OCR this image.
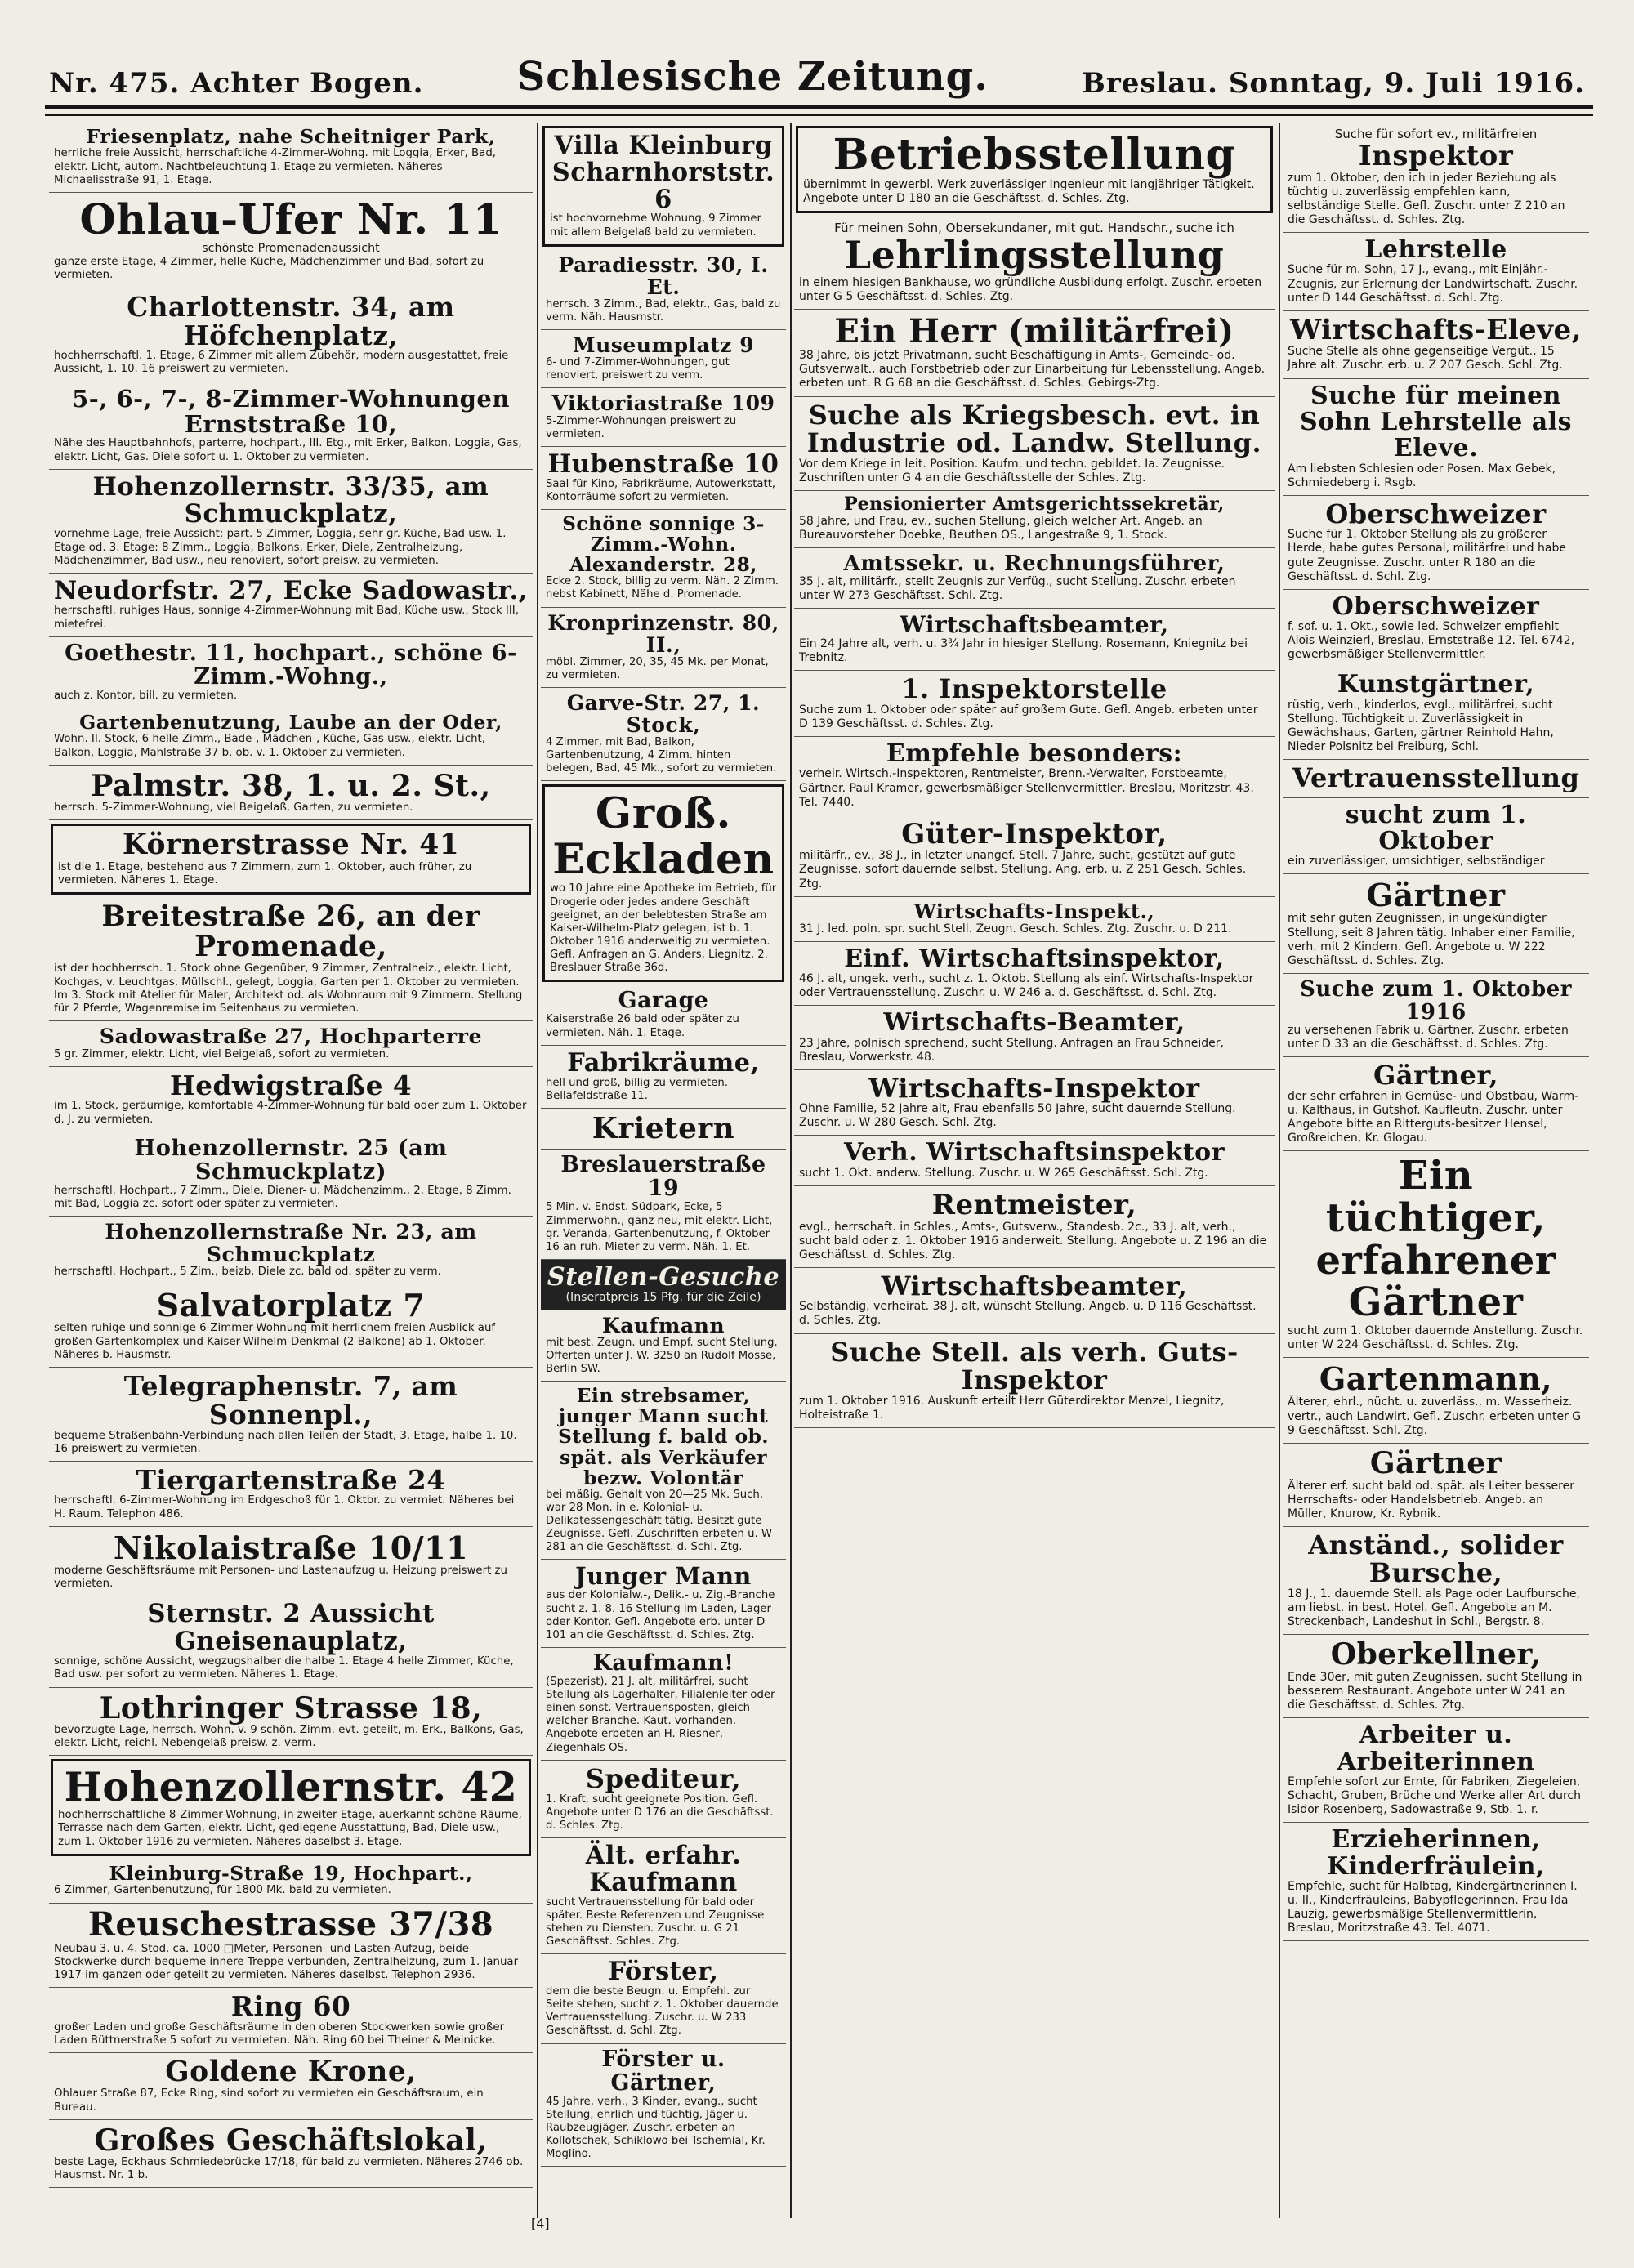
Nr. 475. Achter Bogen. Schlesische Zeitung.	Breslau. Sonntag, 9. Juli 1916.
Friesenplatz, nahe Scheitniger Park,
herrliche freie Aussicht, herrschaftliche 4-Zimmer-Wohng. mit Loggia, Erker, Bad, elektr. Licht, autom. Nachtbeleuchtung 1. Etage zu vermieten. Näheres Michaelisstraße 91, 1. Etage.
Ohlau-Ufer Nr. 11
schönste Promenadenaussicht
ganze erste Etage, 4 Zimmer, helle Küche, Mädchenzimmer und Bad, sofort zu vermieten.
Charlottenstr. 34, am Höfchenplatz,
hochherrschaftl. 1. Etage, 6 Zimmer mit allem Zubehör, modern ausgestattet, freie Aussicht, 1. 10. 16 preiswert zu vermieten.
5-, 6-, 7-, 8-Zimmer-Wohnungen Ernststraße 10,
Nähe des Hauptbahnhofs, parterre, hochpart., III. Etg., mit Erker, Balkon, Loggia, Gas, elektr. Licht, Gas. Diele sofort u. 1. Oktober zu vermieten.
Hohenzollernstr. 33/35, am Schmuckplatz,
vornehme Lage, freie Aussicht: part. 5 Zimmer, Loggia, sehr gr. Küche, Bad usw. 1. Etage od. 3. Etage: 8 Zimm., Loggia, Balkons, Erker, Diele, Zentralheizung, Mädchenzimmer, Bad usw., neu renoviert, sofort preisw. zu vermieten.
Neudorfstr. 27, Ecke Sadowastr.,
herrschaftl. ruhiges Haus, sonnige 4-Zimmer-Wohnung mit Bad, Küche usw., Stock III, mietefrei.
Goethestr. 11, hochpart., schöne 6-Zimm.-Wohng.,
auch z. Kontor, bill. zu vermieten.
Gartenbenutzung, Laube an der Oder,
Wohn. II. Stock, 6 helle Zimm., Bade-, Mädchen-, Küche, Gas usw., elektr. Licht, Balkon, Loggia, Mahlstraße 37 b. ob. v. 1. Oktober zu vermieten.
Palmstr. 38, 1. u. 2. St.,
herrsch. 5-Zimmer-Wohnung, viel Beigelaß, Garten, zu vermieten.
Körnerstrasse Nr. 41
ist die 1. Etage, bestehend aus 7 Zimmern, zum 1. Oktober, auch früher, zu vermieten. Näheres 1. Etage.
Breitestraße 26, an der Promenade,
ist der hochherrsch. 1. Stock ohne Gegenüber, 9 Zimmer, Zentralheiz., elektr. Licht, Kochgas, v. Leuchtgas, Müllschl., gelegt, Loggia, Garten per 1. Oktober zu vermieten. Im 3. Stock mit Atelier für Maler, Architekt od. als Wohnraum mit 9 Zimmern. Stellung für 2 Pferde, Wagenremise im Seitenhaus zu vermieten.
Sadowastraße 27, Hochparterre
5 gr. Zimmer, elektr. Licht, viel Beigelaß, sofort zu vermieten.
Hedwigstraße 4
im 1. Stock, geräumige, komfortable 4-Zimmer-Wohnung für bald oder zum 1. Oktober d. J. zu vermieten.
Hohenzollernstr. 25 (am Schmuckplatz)
herrschaftl. Hochpart., 7 Zimm., Diele, Diener- u. Mädchenzimm., 2. Etage, 8 Zimm. mit Bad, Loggia zc. sofort oder später zu vermieten.
Hohenzollernstraße Nr. 23, am Schmuckplatz
herrschaftl. Hochpart., 5 Zim., beizb. Diele zc. bald od. später zu verm.
Salvatorplatz 7
selten ruhige und sonnige 6-Zimmer-Wohnung mit herrlichem freien Ausblick auf großen Gartenkomplex und Kaiser-Wilhelm-Denkmal (2 Balkone) ab 1. Oktober. Näheres b. Hausmstr.
Telegraphenstr. 7, am Sonnenpl.,
bequeme Straßenbahn-Verbindung nach allen Teilen der Stadt, 3. Etage, halbe 1. 10. 16 preiswert zu vermieten.
Tiergartenstraße 24
herrschaftl. 6-Zimmer-Wohnung im Erdgeschoß für 1. Oktbr. zu vermiet. Näheres bei H. Raum. Telephon 486.
Nikolaistraße 10/11
moderne Geschäftsräume mit Personen- und Lastenaufzug u. Heizung preiswert zu vermieten.
Sternstr. 2 Aussicht Gneisenauplatz,
sonnige, schöne Aussicht, wegzugshalber die halbe 1. Etage 4 helle Zimmer, Küche, Bad usw. per sofort zu vermieten. Näheres 1. Etage.
Lothringer Strasse 18,
bevorzugte Lage, herrsch. Wohn. v. 9 schön. Zimm. evt. geteilt, m. Erk., Balkons, Gas, elektr. Licht, reichl. Nebengelaß preisw. z. verm.
Hohenzollernstr. 42
hochherrschaftliche 8-Zimmer-Wohnung, in zweiter Etage, auerkannt schöne Räume, Terrasse nach dem Garten, elektr. Licht, gediegene Ausstattung, Bad, Diele usw., zum 1. Oktober 1916 zu vermieten. Näheres daselbst 3. Etage.
Kleinburg-Straße 19, Hochpart.,
6 Zimmer, Gartenbenutzung, für 1800 Mk. bald zu vermieten.
Reuschestrasse 37/38
Neubau 3. u. 4. Stod. ca. 1000 □Meter, Personen- und Lasten-Aufzug, beide Stockwerke durch bequeme innere Treppe verbunden, Zentralheizung, zum 1. Januar 1917 im ganzen oder geteilt zu vermieten. Näheres daselbst. Telephon 2936.
Ring 60
großer Laden und große Geschäftsräume in den oberen Stockwerken sowie großer Laden Büttnerstraße 5 sofort zu vermieten. Näh. Ring 60 bei Theiner & Meinicke.
Goldene Krone,
Ohlauer Straße 87, Ecke Ring, sind sofort zu vermieten ein Geschäftsraum, ein Bureau.
Großes Geschäftslokal,
beste Lage, Eckhaus Schmiedebrücke 17/18, für bald zu vermieten. Näheres 2746 ob. Hausmst. Nr. 1 b.
Villa Kleinburg Scharnhorststr. 6
ist hochvornehme Wohnung, 9 Zimmer mit allem Beigelaß bald zu vermieten.
Paradiesstr. 30, I. Et.
herrsch. 3 Zimm., Bad, elektr., Gas, bald zu verm. Näh. Hausmstr.
Museumplatz 9
6- und 7-Zimmer-Wohnungen, gut renoviert, preiswert zu verm.
Viktoriastraße 109
5-Zimmer-Wohnungen preiswert zu vermieten.
Hubenstraße 10
Saal für Kino, Fabrikräume, Autowerkstatt, Kontorräume sofort zu vermieten.
Schöne sonnige 3-Zimm.-Wohn. Alexanderstr. 28,
Ecke 2. Stock, billig zu verm. Näh. 2 Zimm. nebst Kabinett, Nähe d. Promenade.
Kronprinzenstr. 80, II.,
möbl. Zimmer, 20, 35, 45 Mk. per Monat, zu vermieten.
Garve-Str. 27, 1. Stock,
4 Zimmer, mit Bad, Balkon, Gartenbenutzung, 4 Zimm. hinten belegen, Bad, 45 Mk., sofort zu vermieten.
Groß. Eckladen
wo 10 Jahre eine Apotheke im Betrieb, für Drogerie oder jedes andere Geschäft geeignet, an der belebtesten Straße am Kaiser-Wilhelm-Platz gelegen, ist b. 1. Oktober 1916 anderweitig zu vermieten. Gefl. Anfragen an G. Anders, Liegnitz, 2. Breslauer Straße 36d.
Garage
Kaiserstraße 26 bald oder später zu vermieten. Näh. 1. Etage.
Fabrikräume,
hell und groß, billig zu vermieten. Bellafeldstraße 11.
Krietern
Breslauerstraße 19
5 Min. v. Endst. Südpark, Ecke, 5 Zimmerwohn., ganz neu, mit elektr. Licht, gr. Veranda, Gartenbenutzung, f. Oktober 16 an ruh. Mieter zu verm. Näh. 1. Et.
Stellen-Gesuche
(Inseratpreis 15 Pfg. für die Zeile)
Kaufmann
mit best. Zeugn. und Empf. sucht Stellung. Offerten unter J. W. 3250 an Rudolf Mosse, Berlin SW.
Ein strebsamer, junger Mann sucht Stellung f. bald ob. spät. als Verkäufer bezw. Volontär
bei mäßig. Gehalt von 20—25 Mk. Such. war 28 Mon. in e. Kolonial- u. Delikatessengeschäft tätig. Besitzt gute Zeugnisse. Gefl. Zuschriften erbeten u. W 281 an die Geschäftsst. d. Schl. Ztg.
Junger Mann
aus der Kolonialw.-, Delik.- u. Zig.-Branche sucht z. 1. 8. 16 Stellung im Laden, Lager oder Kontor. Gefl. Angebote erb. unter D 101 an die Geschäftsst. d. Schles. Ztg.
Kaufmann!
(Spezerist), 21 J. alt, militärfrei, sucht Stellung als Lagerhalter, Filialenleiter oder einen sonst. Vertrauensposten, gleich welcher Branche. Kaut. vorhanden. Angebote erbeten an H. Riesner, Ziegenhals OS.
Spediteur,
1. Kraft, sucht geeignete Position. Gefl. Angebote unter D 176 an die Geschäftsst. d. Schles. Ztg.
Ält. erfahr. Kaufmann
sucht Vertrauensstellung für bald oder später. Beste Referenzen und Zeugnisse stehen zu Diensten. Zuschr. u. G 21 Geschäftsst. Schles. Ztg.
Förster,
dem die beste Beugn. u. Empfehl. zur Seite stehen, sucht z. 1. Oktober dauernde Vertrauensstellung. Zuschr. u. W 233 Geschäftsst. d. Schl. Ztg.
Förster u. Gärtner,
45 Jahre, verh., 3 Kinder, evang., sucht Stellung, ehrlich und tüchtig, Jäger u. Raubzeugjäger. Zuschr. erbeten an Kollotschek, Schiklowo bei Tschemial, Kr. Moglino.
Betriebsstellung
übernimmt in gewerbl. Werk zuverlässiger Ingenieur mit langjähriger Tätigkeit. Angebote unter D 180 an die Geschäftsst. d. Schles. Ztg.
Für meinen Sohn, Obersekundaner, mit gut. Handschr., suche ich
Lehrlingsstellung
in einem hiesigen Bankhause, wo gründliche Ausbildung erfolgt. Zuschr. erbeten unter G 5 Geschäftsst. d. Schles. Ztg.
Ein Herr (militärfrei)
38 Jahre, bis jetzt Privatmann, sucht Beschäftigung in Amts-, Gemeinde- od. Gutsverwalt., auch Forstbetrieb oder zur Einarbeitung für Lebensstellung. Angeb. erbeten unt. R G 68 an die Geschäftsst. d. Schles. Gebirgs-Ztg.
Suche als Kriegsbesch. evt. in Industrie od. Landw. Stellung.
Vor dem Kriege in leit. Position. Kaufm. und techn. gebildet. Ia. Zeugnisse. Zuschriften unter G 4 an die Geschäftsstelle der Schles. Ztg.
Pensionierter Amtsgerichtssekretär,
58 Jahre, und Frau, ev., suchen Stellung, gleich welcher Art. Angeb. an Bureauvorsteher Doebke, Beuthen OS., Langestraße 9, 1. Stock.
Amtssekr. u. Rechnungsführer,
35 J. alt, militärfr., stellt Zeugnis zur Verfüg., sucht Stellung. Zuschr. erbeten unter W 273 Geschäftsst. Schl. Ztg.
Wirtschaftsbeamter,
Ein 24 Jahre alt, verh. u. 3¾ Jahr in hiesiger Stellung. Rosemann, Kniegnitz bei Trebnitz.
1. Inspektorstelle
Suche zum 1. Oktober oder später auf großem Gute. Gefl. Angeb. erbeten unter D 139 Geschäftsst. d. Schles. Ztg.
Empfehle besonders:
verheir. Wirtsch.-Inspektoren, Rentmeister, Brenn.-Verwalter, Forstbeamte, Gärtner. Paul Kramer, gewerbsmäßiger Stellenvermittler, Breslau, Moritzstr. 43. Tel. 7440.
Güter-Inspektor,
militärfr., ev., 38 J., in letzter unangef. Stell. 7 Jahre, sucht, gestützt auf gute Zeugnisse, sofort dauernde selbst. Stellung. Ang. erb. u. Z 251 Gesch. Schles. Ztg.
Wirtschafts-Inspekt.,
31 J. led. poln. spr. sucht Stell. Zeugn. Gesch. Schles. Ztg. Zuschr. u. D 211.
Einf. Wirtschaftsinspektor,
46 J. alt, ungek. verh., sucht z. 1. Oktob. Stellung als einf. Wirtschafts-Inspektor oder Vertrauensstellung. Zuschr. u. W 246 a. d. Geschäftsst. d. Schl. Ztg.
Wirtschafts-Beamter,
23 Jahre, polnisch sprechend, sucht Stellung. Anfragen an Frau Schneider, Breslau, Vorwerkstr. 48.
Wirtschafts-Inspektor
Ohne Familie, 52 Jahre alt, Frau ebenfalls 50 Jahre, sucht dauernde Stellung. Zuschr. u. W 280 Gesch. Schl. Ztg.
Verh. Wirtschaftsinspektor
sucht 1. Okt. anderw. Stellung. Zuschr. u. W 265 Geschäftsst. Schl. Ztg.
Rentmeister,
evgl., herrschaft. in Schles., Amts-, Gutsverw., Standesb. 2c., 33 J. alt, verh., sucht bald oder z. 1. Oktober 1916 anderweit. Stellung. Angebote u. Z 196 an die Geschäftsst. d. Schles. Ztg.
Wirtschaftsbeamter,
Selbständig, verheirat. 38 J. alt, wünscht Stellung. Angeb. u. D 116 Geschäftsst. d. Schles. Ztg.
Suche Stell. als verh. Guts-Inspektor
zum 1. Oktober 1916. Auskunft erteilt Herr Güterdirektor Menzel, Liegnitz, Holteistraße 1.
Suche für sofort ev., militärfreien
Inspektor
zum 1. Oktober, den ich in jeder Beziehung als tüchtig u. zuverlässig empfehlen kann, selbständige Stelle. Gefl. Zuschr. unter Z 210 an die Geschäftsst. d. Schles. Ztg.
Lehrstelle
Suche für m. Sohn, 17 J., evang., mit Einjähr.-Zeugnis, zur Erlernung der Landwirtschaft. Zuschr. unter D 144 Geschäftsst. d. Schl. Ztg.
Wirtschafts-Eleve,
Suche Stelle als ohne gegenseitige Vergüt., 15 Jahre alt. Zuschr. erb. u. Z 207 Gesch. Schl. Ztg.
Suche für meinen Sohn Lehrstelle als Eleve.
Am liebsten Schlesien oder Posen. Max Gebek, Schmiedeberg i. Rsgb.
Oberschweizer
Suche für 1. Oktober Stellung als zu größerer Herde, habe gutes Personal, militärfrei und habe gute Zeugnisse. Zuschr. unter R 180 an die Geschäftsst. d. Schl. Ztg.
Oberschweizer
f. sof. u. 1. Okt., sowie led. Schweizer empfiehlt Alois Weinzierl, Breslau, Ernststraße 12. Tel. 6742, gewerbsmäßiger Stellenvermittler.
Kunstgärtner,
rüstig, verh., kinderlos, evgl., militärfrei, sucht Stellung. Tüchtigkeit u. Zuverlässigkeit in Gewächshaus, Garten, gärtner Reinhold Hahn, Nieder Polsnitz bei Freiburg, Schl.
Vertrauensstellung
sucht zum 1. Oktober
ein zuverlässiger, umsichtiger, selbständiger
Gärtner
mit sehr guten Zeugnissen, in ungekündigter Stellung, seit 8 Jahren tätig. Inhaber einer Familie, verh. mit 2 Kindern. Gefl. Angebote u. W 222 Geschäftsst. d. Schles. Ztg.
Suche zum 1. Oktober 1916
zu versehenen Fabrik u. Gärtner. Zuschr. erbeten unter D 33 an die Geschäftsst. d. Schles. Ztg.
Gärtner,
der sehr erfahren in Gemüse- und Obstbau, Warm- u. Kalthaus, in Gutshof. Kaufleutn. Zuschr. unter Angebote bitte an Ritterguts-besitzer Hensel, Großreichen, Kr. Glogau.
Ein tüchtiger, erfahrener Gärtner
sucht zum 1. Oktober dauernde Anstellung. Zuschr. unter W 224 Geschäftsst. d. Schles. Ztg.
Gartenmann,
Älterer, ehrl., nücht. u. zuverläss., m. Wasserheiz. vertr., auch Landwirt. Gefl. Zuschr. erbeten unter G 9 Geschäftsst. Schl. Ztg.
Gärtner
Älterer erf. sucht bald od. spät. als Leiter besserer Herrschafts- oder Handelsbetrieb. Angeb. an Müller, Knurow, Kr. Rybnik.
Anständ., solider Bursche,
18 J., 1. dauernde Stell. als Page oder Laufbursche, am liebst. in best. Hotel. Gefl. Angebote an M. Streckenbach, Landeshut in Schl., Bergstr. 8.
Oberkellner,
Ende 30er, mit guten Zeugnissen, sucht Stellung in besserem Restaurant. Angebote unter W 241 an die Geschäftsst. d. Schles. Ztg.
Arbeiter u. Arbeiterinnen
Empfehle sofort zur Ernte, für Fabriken, Ziegeleien, Schacht, Gruben, Brüche und Werke aller Art durch Isidor Rosenberg, Sadowastraße 9, Stb. 1. r.
Erzieherinnen, Kinderfräulein,
Empfehle, sucht für Halbtag, Kindergärtnerinnen I. u. II., Kinderfräuleins, Babypflegerinnen. Frau Ida Lauzig, gewerbsmäßige Stellenvermittlerin, Breslau, Moritzstraße 43. Tel. 4071.
[4]
